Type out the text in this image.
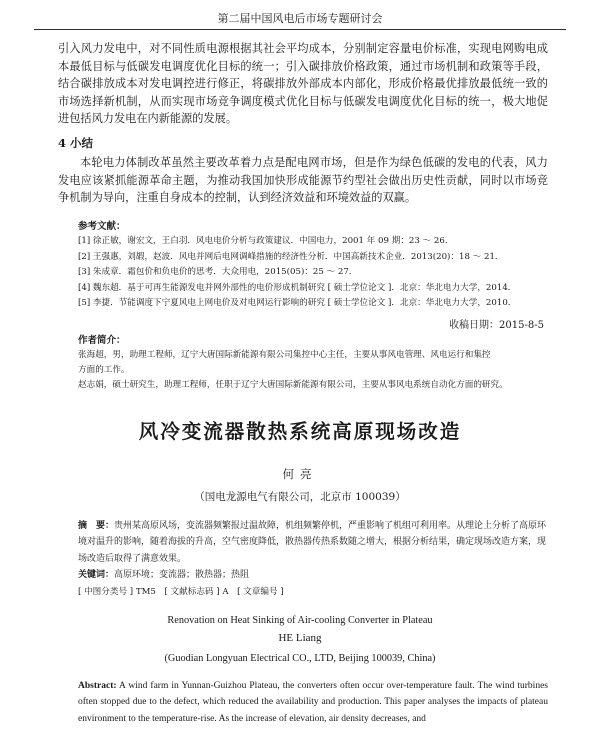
第二届中国风电后市场专题研讨会

引入风力发电中，对不同性质电源根据其社会平均成本，分别制定容量电价标准，实现电网购电成本最低目标与低碳发电调度优化目标的统一；引入碳排放价格政策，通过市场机制和政策等手段，结合碳排放成本对发电调控进行修正，将碳排放外部成本内部化，形成价格最优排放最低统一致的市场选择新机制，从而实现市场竞争调度模式优化目标与低碳发电调度优化目标的统一，极大地促进包括风力发电在内新能源的发展。

4 小结

本轮电力体制改革虽然主要改革着力点是配电网市场，但是作为绿色低碳的发电的代表，风力发电应该紧抓能源革命主题，为推动我国加快形成能源节约型社会做出历史性贡献，同时以市场竞争机制为导向，注重自身成本的控制，认到经济效益和环境效益的双赢。

参考文献：
[1] 徐正敏，谢宏文，王白羽．风电电价分析与政策建议．中国电力，2001 年 09 期：23 ～ 26．
[2] 王强惠，刘嘏，赵波．风电并网后电网调峰措施的经济性分析．中国高新技术企业．2013(20)：18 ～ 21．
[3] 朱成章．霜包价和负电价的思考．大众用电，2015(05)：25 ～ 27．
[4] 魏东超．基于可再生能源发电并网外部性的电价形成机制研究 [ 硕士学位论文 ]．北京：华北电力大学，2014．
[5] 李捷．节能调度下宁夏风电上网电价及对电网运行影响的研究 [ 硕士学位论文 ]．北京：华北电力大学，2010．
收稿日期：2015-8-5
作者简介：
张海超，男，助理工程师，辽宁大唐国际新能源有限公司集控中心主任，主要从事风电管理、风电运行和集控
方面的工作。
赵志娟，硕士研究生，助理工程师，任职于辽宁大唐国际新能源有限公司，主要从事风电系统自动化方面的研究。
风冷变流器散热系统高原现场改造
何亮
（国电龙源电气有限公司，北京市 100039）
摘　要：贵州某高原风场，变流器频繁报过温故障，机组频繁停机，严重影响了机组可利用率。从理论上分析了高原环境对温升的影响，随着海拔的升高，空气密度降低，散热器传热系数随之增大，根据分析结果，确定现场改造方案，现场改造后取得了满意效果。
关键词：高原环境；变流器；散热器；热阻
[ 中图分类号 ] TM5　[ 文献标志码 ] A　[ 文章编号 ]
Renovation on Heat Sinking of Air-cooling Converter in Plateau
HE Liang
(Guodian Longyuan Electrical CO., LTD, Beijing 100039, China)
Abstract: A wind farm in Yunnan-Guizhou Plateau, the converters often occur over-temperature fault. The wind turbines often stopped due to the defect, which reduced the availability and production. This paper analyses the impacts of plateau environment to the temperature-rise. As the increase of elevation, air density decreases, and
